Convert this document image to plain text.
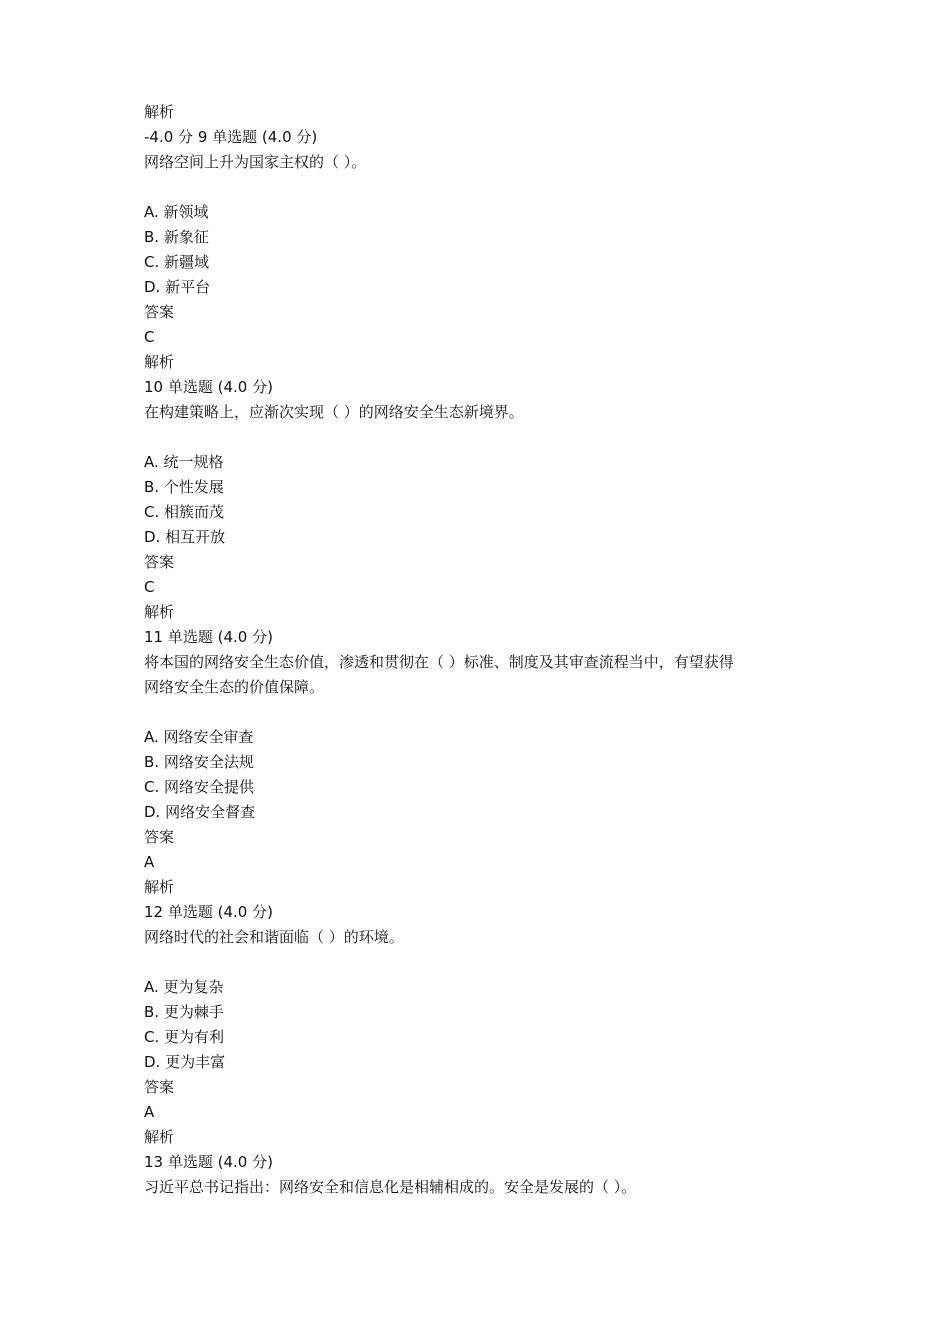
解析
-4.0 分 9 单选题 (4.0 分)
网络空间上升为国家主权的（ ）。
A. 新领域
B. 新象征
C. 新疆域
D. 新平台
答案
C
解析
10 单选题 (4.0 分)
在构建策略上，应渐次实现（ ）的网络安全生态新境界。
A. 统一规格
B. 个性发展
C. 相簇而茂
D. 相互开放
答案
C
解析
11 单选题 (4.0 分)
将本国的网络安全生态价值，渗透和贯彻在（ ）标准、制度及其审查流程当中，有望获得
网络安全生态的价值保障。
A. 网络安全审查
B. 网络安全法规
C. 网络安全提供
D. 网络安全督查
答案
A
解析
12 单选题 (4.0 分)
网络时代的社会和谐面临（ ）的环境。
A. 更为复杂
B. 更为棘手
C. 更为有利
D. 更为丰富
答案
A
解析
13 单选题 (4.0 分)
习近平总书记指出：网络安全和信息化是相辅相成的。安全是发展的（ ）。
